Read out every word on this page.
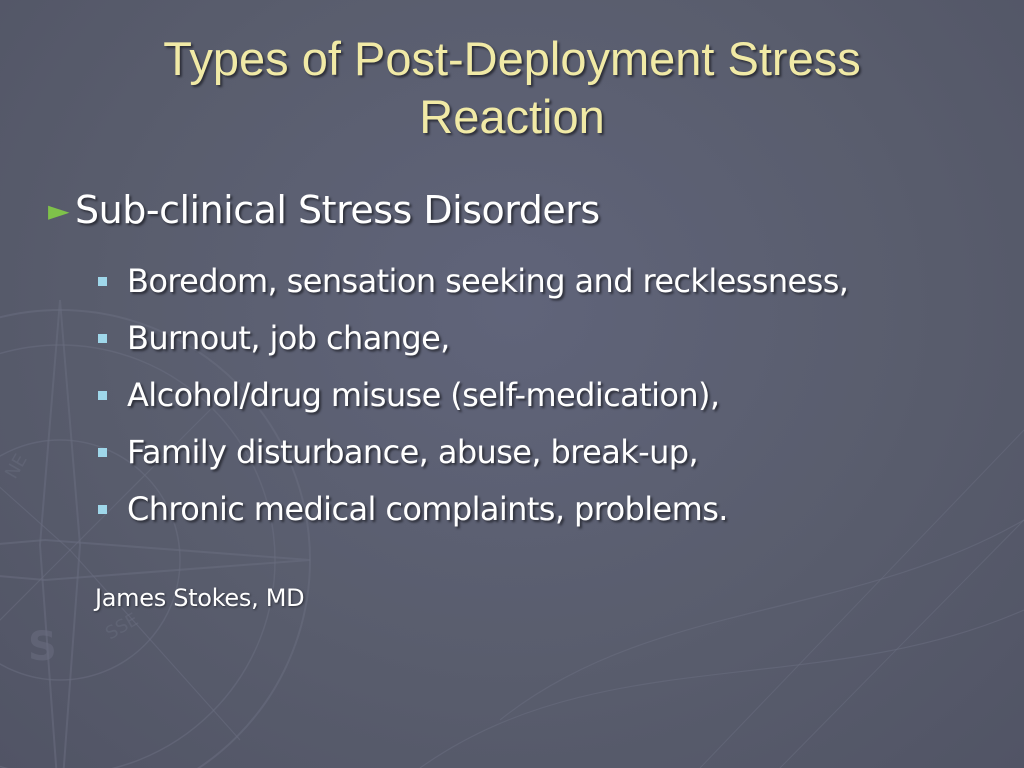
S	SSE
NE
Types of Post-Deployment Stress Reaction
► Sub-clinical Stress Disorders
Boredom, sensation seeking and recklessness,
Burnout, job change,
Alcohol/drug misuse (self-medication),
Family disturbance, abuse, break-up,
Chronic medical complaints, problems.
James Stokes, MD
